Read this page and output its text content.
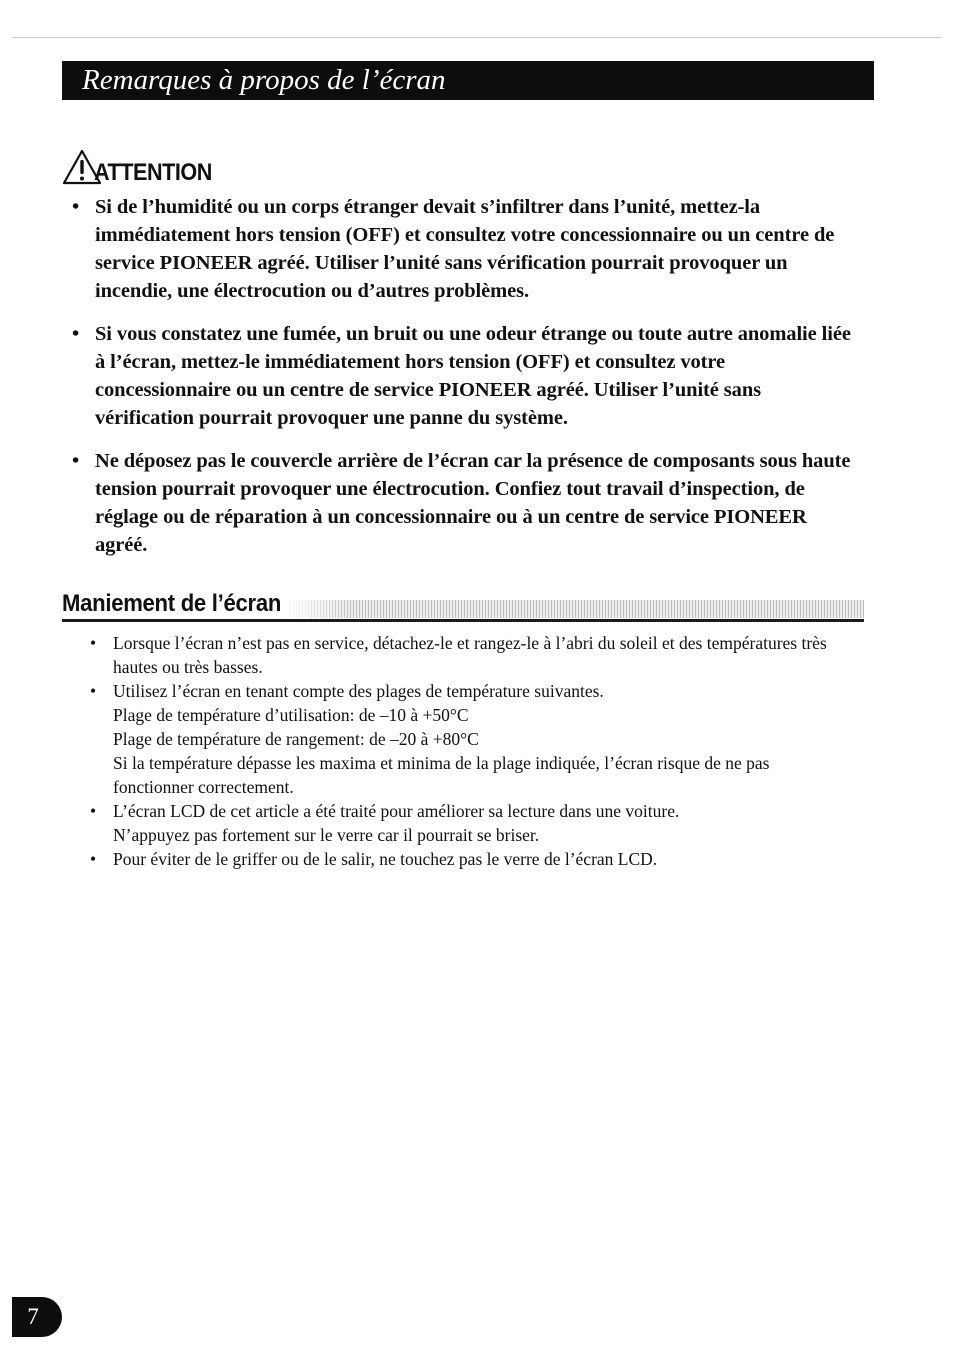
Remarques à propos de l’écran
ATTENTION
• Si de l’humidité ou un corps étranger devait s’infiltrer dans l’unité, mettez-la immédiatement hors tension (OFF) et consultez votre concessionnaire ou un centre de service PIONEER agréé. Utiliser l’unité sans vérification pourrait provoquer un incendie, une électrocution ou d’autres problèmes.
• Si vous constatez une fumée, un bruit ou une odeur étrange ou toute autre anomalie liée à l’écran, mettez-le immédiatement hors tension (OFF) et consultez votre concessionnaire ou un centre de service PIONEER agréé. Utiliser l’unité sans vérification pourrait provoquer une panne du système.
• Ne déposez pas le couvercle arrière de l’écran car la présence de composants sous haute tension pourrait provoquer une électrocution. Confiez tout travail d’inspection, de réglage ou de réparation à un concessionnaire ou à un centre de service PIONEER agréé.
Maniement de l’écran
• Lorsque l’écran n’est pas en service, détachez-le et rangez-le à l’abri du soleil et des températures très hautes ou très basses.
• Utilisez l’écran en tenant compte des plages de température suivantes.
Plage de température d’utilisation: de –10 à +50°C
Plage de température de rangement: de –20 à +80°C
Si la température dépasse les maxima et minima de la plage indiquée, l’écran risque de ne pas fonctionner correctement.
• L’écran LCD de cet article a été traité pour améliorer sa lecture dans une voiture.
N’appuyez pas fortement sur le verre car il pourrait se briser.
• Pour éviter de le griffer ou de le salir, ne touchez pas le verre de l’écran LCD.
7
